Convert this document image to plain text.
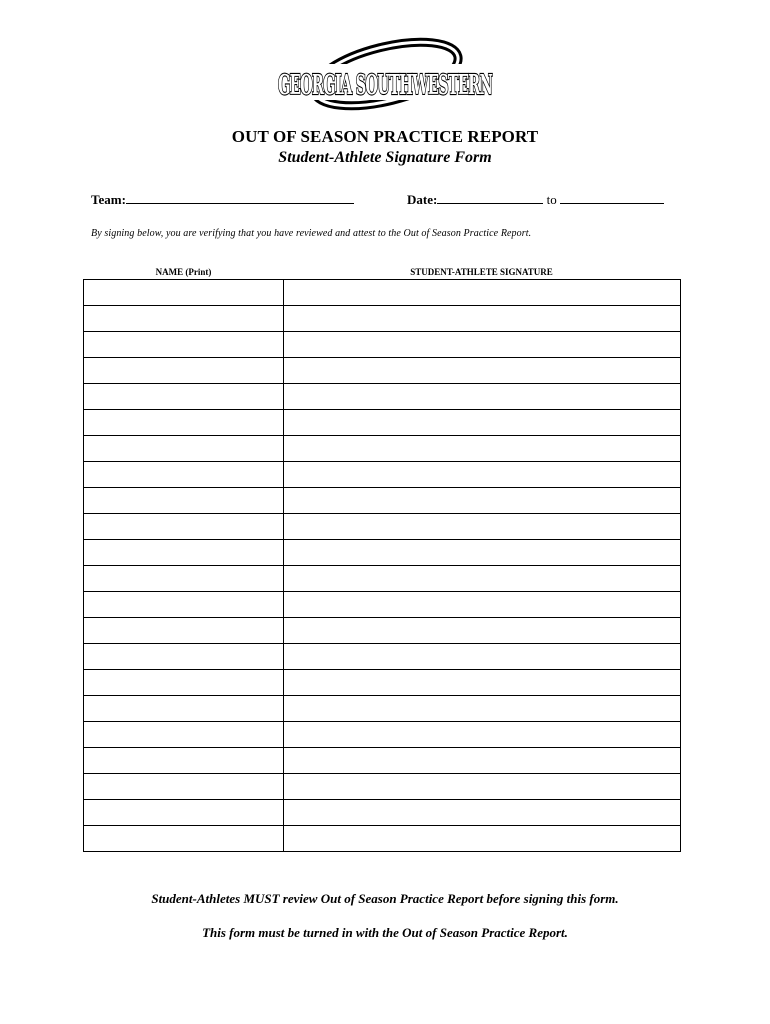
GEORGIA SOUTHWESTERN
OUT OF SEASON PRACTICE REPORT
Student-Athlete Signature Form
Team:	Date:	to
By signing below, you are verifying that you have reviewed and attest to the Out of Season Practice Report.
NAME (Print)	STUDENT-ATHLETE SIGNATURE

Student-Athletes MUST review Out of Season Practice Report before signing this form.
This form must be turned in with the Out of Season Practice Report.
